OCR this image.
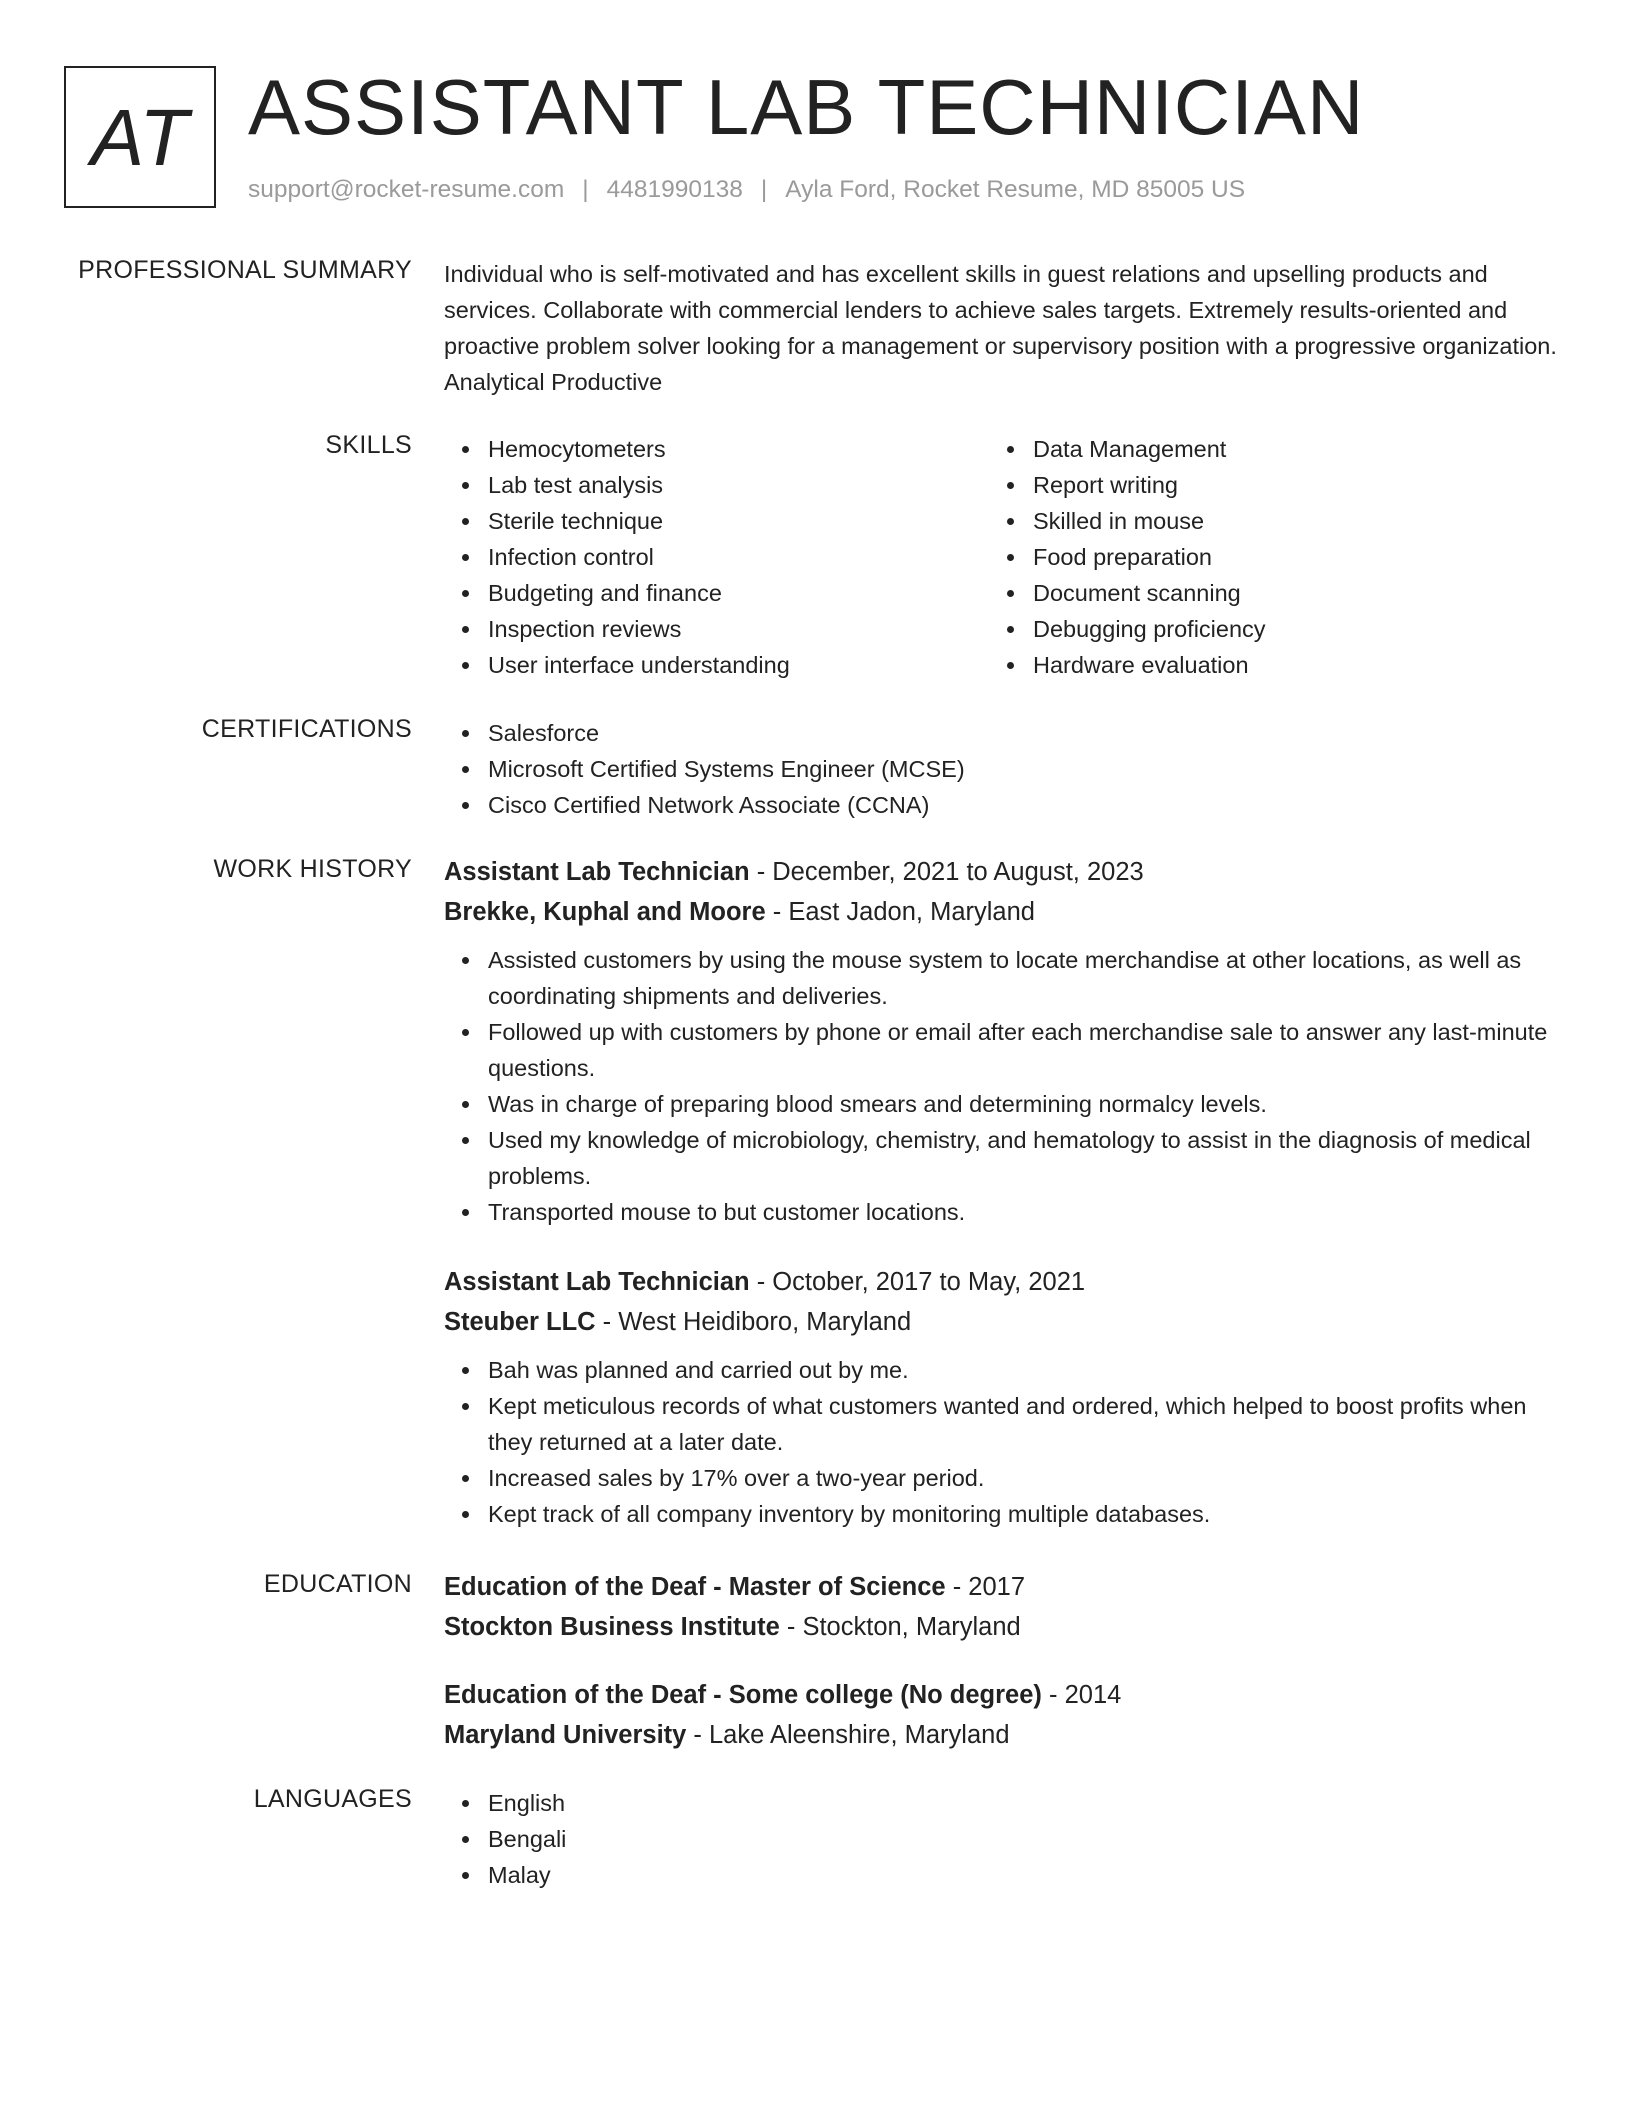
AT ASSISTANT LAB TECHNICIAN
support@rocket-resume.com | 4481990138 | Ayla Ford, Rocket Resume, MD 85005 US
PROFESSIONAL SUMMARY Individual who is self-motivated and has excellent skills in guest relations and upselling products and services. Collaborate with commercial lenders to achieve sales targets. Extremely results-oriented and proactive problem solver looking for a management or supervisory position with a progressive organization. Analytical Productive
SKILLS	Hemocytometers
Lab test analysis
Sterile technique
Infection control
Budgeting and finance
Inspection reviews
User interface understanding
Data Management
Report writing
Skilled in mouse
Food preparation
Document scanning
Debugging proficiency
Hardware evaluation
CERTIFICATIONS	Salesforce
Microsoft Certified Systems Engineer (MCSE)
Cisco Certified Network Associate (CCNA)
WORK HISTORY Assistant Lab Technician - December, 2021 to August, 2023
Brekke, Kuphal and Moore - East Jadon, Maryland
Assisted customers by using the mouse system to locate merchandise at other locations, as well as coordinating shipments and deliveries.
Followed up with customers by phone or email after each merchandise sale to answer any last-minute questions.
Was in charge of preparing blood smears and determining normalcy levels.
Used my knowledge of microbiology, chemistry, and hematology to assist in the diagnosis of medical problems.
Transported mouse to but customer locations.
Assistant Lab Technician - October, 2017 to May, 2021
Steuber LLC - West Heidiboro, Maryland
Bah was planned and carried out by me.
Kept meticulous records of what customers wanted and ordered, which helped to boost profits when they returned at a later date.
Increased sales by 17% over a two-year period.
Kept track of all company inventory by monitoring multiple databases.
EDUCATION Education of the Deaf - Master of Science - 2017
Stockton Business Institute - Stockton, Maryland
Education of the Deaf - Some college (No degree) - 2014
Maryland University - Lake Aleenshire, Maryland
LANGUAGES	English
Bengali
Malay
